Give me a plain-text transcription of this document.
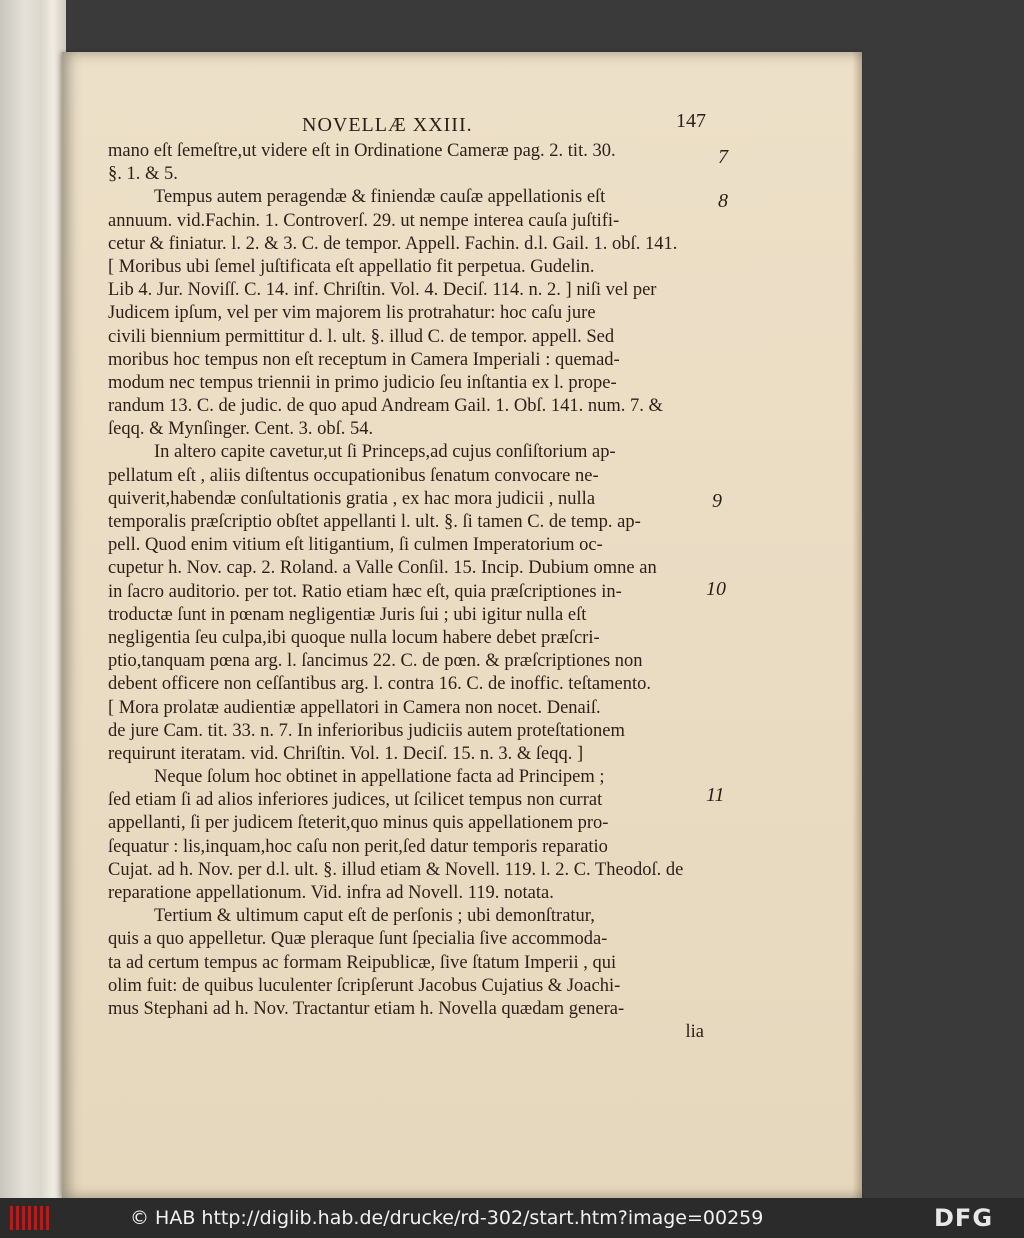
NOVELLÆ XXIII.	147
mano eſt ſemeſtre,ut videre eſt in Ordinatione Cameræ pag. 2. tit. 30.
§. 1. & 5.
Tempus autem peragendæ & finiendæ cauſæ appellationis eſt
annuum. vid.Fachin. 1. Controverſ. 29. ut nempe interea cauſa juſtifi-
cetur & finiatur. l. 2. & 3. C. de tempor. Appell. Fachin. d.l. Gail. 1. obſ. 141.
[ Moribus ubi ſemel juſtificata eſt appellatio fit perpetua. Gudelin.
Lib 4. Jur. Noviſſ. C. 14. inf. Chriſtin. Vol. 4. Deciſ. 114. n. 2. ] niſi vel per
Judicem ipſum, vel per vim majorem lis protrahatur: hoc caſu jure
civili biennium permittitur d. l. ult. §. illud C. de tempor. appell. Sed
moribus hoc tempus non eſt receptum in Camera Imperiali : quemad-
modum nec tempus triennii in primo judicio ſeu inſtantia ex l. prope-
randum 13. C. de judic. de quo apud Andream Gail. 1. Obſ. 141. num. 7. &
ſeqq. & Mynſinger. Cent. 3. obſ. 54.
In altero capite cavetur,ut ſi Princeps,ad cujus conſiſtorium ap-
pellatum eſt , aliis diſtentus occupationibus ſenatum convocare ne-
quiverit,habendæ conſultationis gratia , ex hac mora judicii , nulla
temporalis præſcriptio obſtet appellanti l. ult. §. ſi tamen C. de temp. ap-
pell. Quod enim vitium eſt litigantium, ſi culmen Imperatorium oc-
cupetur h. Nov. cap. 2. Roland. a Valle Conſil. 15. Incip. Dubium omne an
in ſacro auditorio. per tot. Ratio etiam hæc eſt, quia præſcriptiones in-
troductæ ſunt in pœnam negligentiæ Juris ſui ; ubi igitur nulla eſt
negligentia ſeu culpa,ibi quoque nulla locum habere debet præſcri-
ptio,tanquam pœna arg. l. ſancimus 22. C. de pœn. & præſcriptiones non
debent officere non ceſſantibus arg. l. contra 16. C. de inoffic. teſtamento.
[ Mora prolatæ audientiæ appellatori in Camera non nocet. Denaiſ.
de jure Cam. tit. 33. n. 7. In inferioribus judiciis autem proteſtationem
requirunt iteratam. vid. Chriſtin. Vol. 1. Deciſ. 15. n. 3. & ſeqq. ]
Neque ſolum hoc obtinet in appellatione facta ad Principem ;
ſed etiam ſi ad alios inferiores judices, ut ſcilicet tempus non currat
appellanti, ſi per judicem ſteterit,quo minus quis appellationem pro-
ſequatur : lis,inquam,hoc caſu non perit,ſed datur temporis reparatio
Cujat. ad h. Nov. per d.l. ult. §. illud etiam & Novell. 119. l. 2. C. Theodoſ. de
reparatione appellationum. Vid. infra ad Novell. 119. notata.
Tertium & ultimum caput eſt de perſonis ; ubi demonſtratur,
quis a quo appelletur. Quæ pleraque ſunt ſpecialia ſive accommoda-
ta ad certum tempus ac formam Reipublicæ, ſive ſtatum Imperii , qui
olim fuit: de quibus luculenter ſcripſerunt Jacobus Cujatius & Joachi-
mus Stephani ad h. Nov. Tractantur etiam h. Novella quædam genera-
lia
7
8
9
10
11
© HAB http://diglib.hab.de/drucke/rd-302/start.htm?image=00259	DFG
